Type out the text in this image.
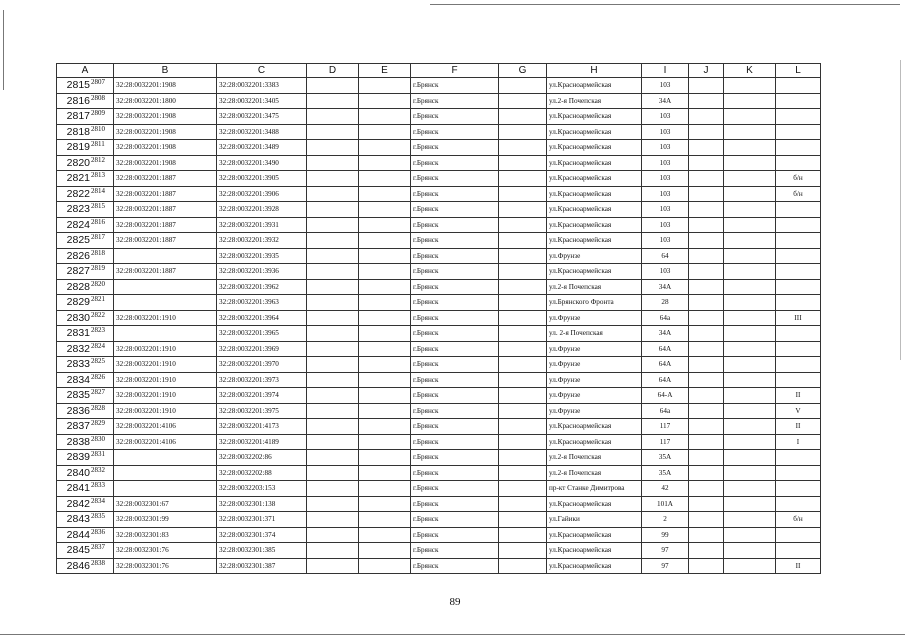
A	B	C	D	E	F	G	H	I	J	K	L

2815 2807	32:28:0032201:1908	32:28:0032201:3383			г.Брянск		ул.Красноармейская	103			

2816 2808	32:28:0032201:1800	32:28:0032201:3405			г.Брянск		ул.2-я Почепская	34А			

2817 2809	32:28:0032201:1908	32:28:0032201:3475			г.Брянск		ул.Красноармейская	103			

2818 2810	32:28:0032201:1908	32:28:0032201:3488			г.Брянск		ул.Красноармейская	103			

2819 2811	32:28:0032201:1908	32:28:0032201:3489			г.Брянск		ул.Красноармейская	103			

2820 2812	32:28:0032201:1908	32:28:0032201:3490			г.Брянск		ул.Красноармейская	103			

2821 2813	32:28:0032201:1887	32:28:0032201:3905			г.Брянск		ул.Красноармейская	103			б/н

2822 2814	32:28:0032201:1887	32:28:0032201:3906			г.Брянск		ул.Красноармейская	103			б/н

2823 2815	32:28:0032201:1887	32:28:0032201:3928			г.Брянск		ул.Красноармейская	103			

2824 2816	32:28:0032201:1887	32:28:0032201:3931			г.Брянск		ул.Красноармейская	103			

2825 2817	32:28:0032201:1887	32:28:0032201:3932			г.Брянск		ул.Красноармейская	103			

2826 2818		32:28:0032201:3935			г.Брянск		ул.Фрунзе	64			

2827 2819	32:28:0032201:1887	32:28:0032201:3936			г.Брянск		ул.Красноармейская	103			

2828 2820		32:28:0032201:3962			г.Брянск		ул.2-я Почепская	34А			

2829 2821		32:28:0032201:3963			г.Брянск		ул.Брянского Фронта	28			

2830 2822	32:28:0032201:1910	32:28:0032201:3964			г.Брянск		ул.Фрунзе	64а			III

2831 2823		32:28:0032201:3965			г.Брянск		ул. 2-я Почепская	34А			

2832 2824	32:28:0032201:1910	32:28:0032201:3969			г.Брянск		ул.Фрунзе	64А			

2833 2825	32:28:0032201:1910	32:28:0032201:3970			г.Брянск		ул.Фрунзе	64А			

2834 2826	32:28:0032201:1910	32:28:0032201:3973			г.Брянск		ул.Фрунзе	64А			

2835 2827	32:28:0032201:1910	32:28:0032201:3974			г.Брянск		ул.Фрунзе	64-А			II

2836 2828	32:28:0032201:1910	32:28:0032201:3975			г.Брянск		ул.Фрунзе	64а			V

2837 2829	32:28:0032201:4106	32:28:0032201:4173			г.Брянск		ул.Красноармейская	117			II

2838 2830	32:28:0032201:4106	32:28:0032201:4189			г.Брянск		ул.Красноармейская	117			I

2839 2831		32:28:0032202:86			г.Брянск		ул.2-я Почепская	35А			

2840 2832		32:28:0032202:88			г.Брянск		ул.2-я Почепская	35А			

2841 2833		32:28:0032203:153			г.Брянск		пр-кт Станке Димитрова	42			

2842 2834	32:28:0032301:67	32:28:0032301:138			г.Брянск		ул.Красноармейская	101А			

2843 2835	32:28:0032301:99	32:28:0032301:371			г.Брянск		ул.Гайики	2			б/н

2844 2836	32:28:0032301:83	32:28:0032301:374			г.Брянск		ул.Красноармейская	99			

2845 2837	32:28:0032301:76	32:28:0032301:385			г.Брянск		ул.Красноармейская	97			

2846 2838	32:28:0032301:76	32:28:0032301:387			г.Брянск		ул.Красноармейская	97			II
89
